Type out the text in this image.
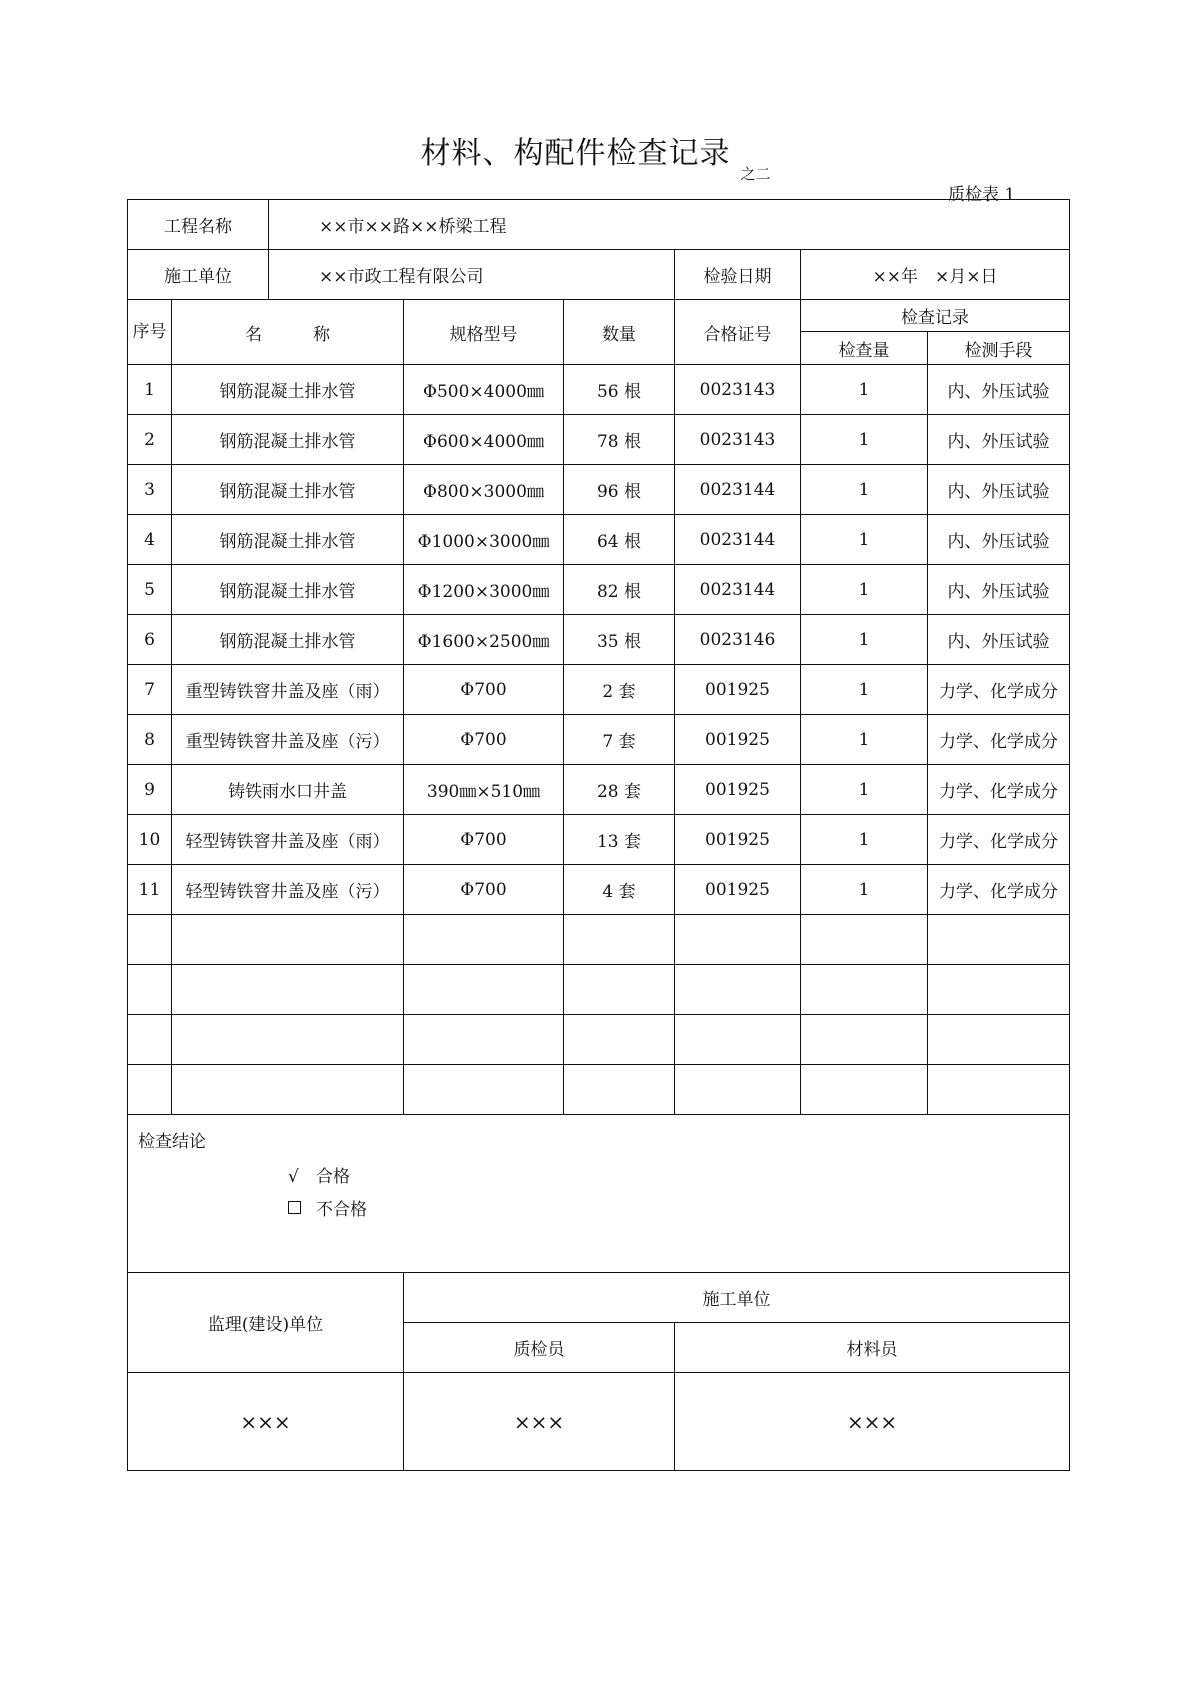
材料、构配件检查记录之二
质检表 1
工程名称		××市××路××桥梁工程					
施工单位		××市政工程有限公司			检验日期	××年　×月×日	
序号	名　　　称		规格型号	数量	合格证号	检查记录	
						检查量	检测手段
1	钢筋混凝土排水管		Φ500×4000㎜	56 根	0023143	1	内、外压试验
2	钢筋混凝土排水管		Φ600×4000㎜	78 根	0023143	1	内、外压试验
3	钢筋混凝土排水管		Φ800×3000㎜	96 根	0023144	1	内、外压试验
4	钢筋混凝土排水管		Φ1000×3000㎜	64 根	0023144	1	内、外压试验
5	钢筋混凝土排水管		Φ1200×3000㎜	82 根	0023144	1	内、外压试验
6	钢筋混凝土排水管		Φ1600×2500㎜	35 根	0023146	1	内、外压试验
7	重型铸铁窨井盖及座（雨）		Φ700	2 套	001925	1	力学、化学成分
8	重型铸铁窨井盖及座（污）		Φ700	7 套	001925	1	力学、化学成分
9	铸铁雨水口井盖		390㎜×510㎜	28 套	001925	1	力学、化学成分
10	轻型铸铁窨井盖及座（雨）		Φ700	13 套	001925	1	力学、化学成分
11	轻型铸铁窨井盖及座（污）		Φ700	4 套	001925	1	力学、化学成分

检查结论
√ 合格
不合格							

监理(建设)单位			施工单位				
			质检员		材料员		
×××			×××		×××		
